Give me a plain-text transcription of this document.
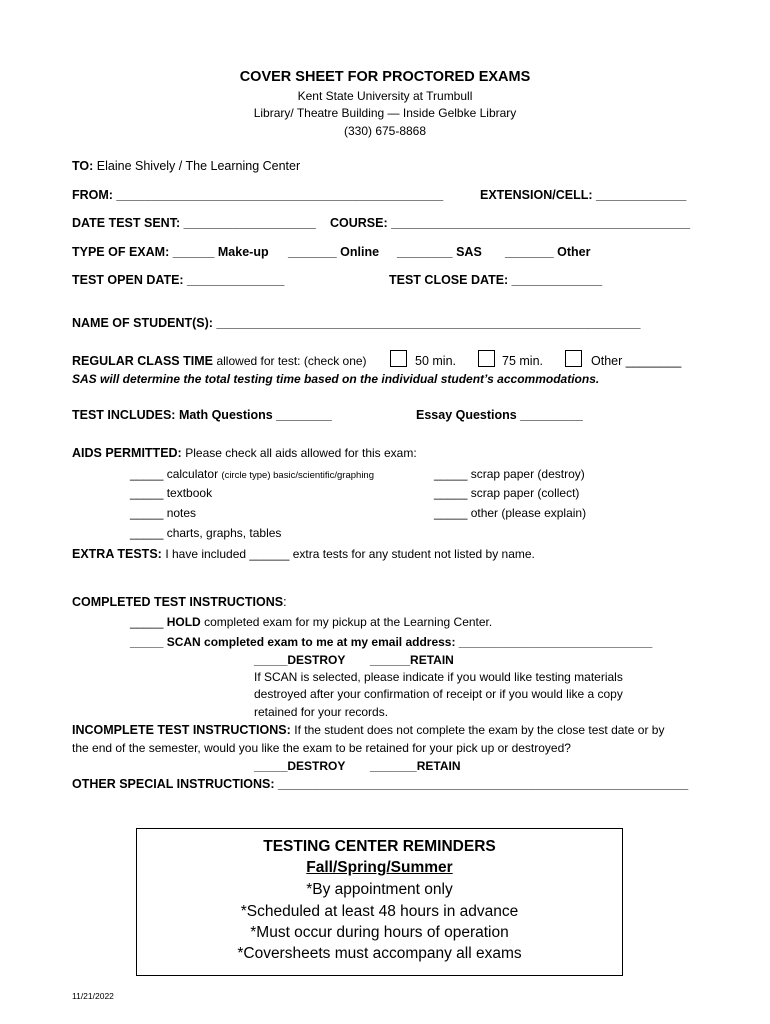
COVER SHEET FOR PROCTORED EXAMS
Kent State University at Trumbull
Library/ Theatre Building — Inside Gelbke Library
(330) 675-8868
TO: Elaine Shively / The Learning Center
FROM: _______________________________________________	EXTENSION/CELL: _____________
DATE TEST SENT: ___________________ COURSE: ___________________________________________
TYPE OF EXAM: ______ Make-up _______ Online ________ SAS _______ Other
TEST OPEN DATE: ______________	TEST CLOSE DATE: _____________
NAME OF STUDENT(S): _____________________________________________________________
REGULAR CLASS TIME allowed for test: (check one)	50 min.	75 min.	Other ________
SAS will determine the total testing time based on the individual student’s accommodations.
TEST INCLUDES: Math Questions ________	Essay Questions _________
AIDS PERMITTED: Please check all aids allowed for this exam:
_____ calculator (circle type) basic/scientific/graphing
_____ textbook
_____ notes
_____ charts, graphs, tables
_____ scrap paper (destroy)
_____ scrap paper (collect)
_____ other (please explain)
EXTRA TESTS: I have included ______ extra tests for any student not listed by name.
COMPLETED TEST INSTRUCTIONS:
_____ HOLD completed exam for my pickup at the Learning Center.
_____ SCAN completed exam to me at my email address: _____________________________
_____DESTROY ______RETAIN
If SCAN is selected, please indicate if you would like testing materials
destroyed after your confirmation of receipt or if you would like a copy
retained for your records.
INCOMPLETE TEST INSTRUCTIONS: If the student does not complete the exam by the close test date or by
the end of the semester, would you like the exam to be retained for your pick up or destroyed?
_____DESTROY _______RETAIN
OTHER SPECIAL INSTRUCTIONS: ___________________________________________________________
TESTING CENTER REMINDERS
Fall/Spring/Summer
*By appointment only
*Scheduled at least 48 hours in advance
*Must occur during hours of operation
*Coversheets must accompany all exams
11/21/2022
